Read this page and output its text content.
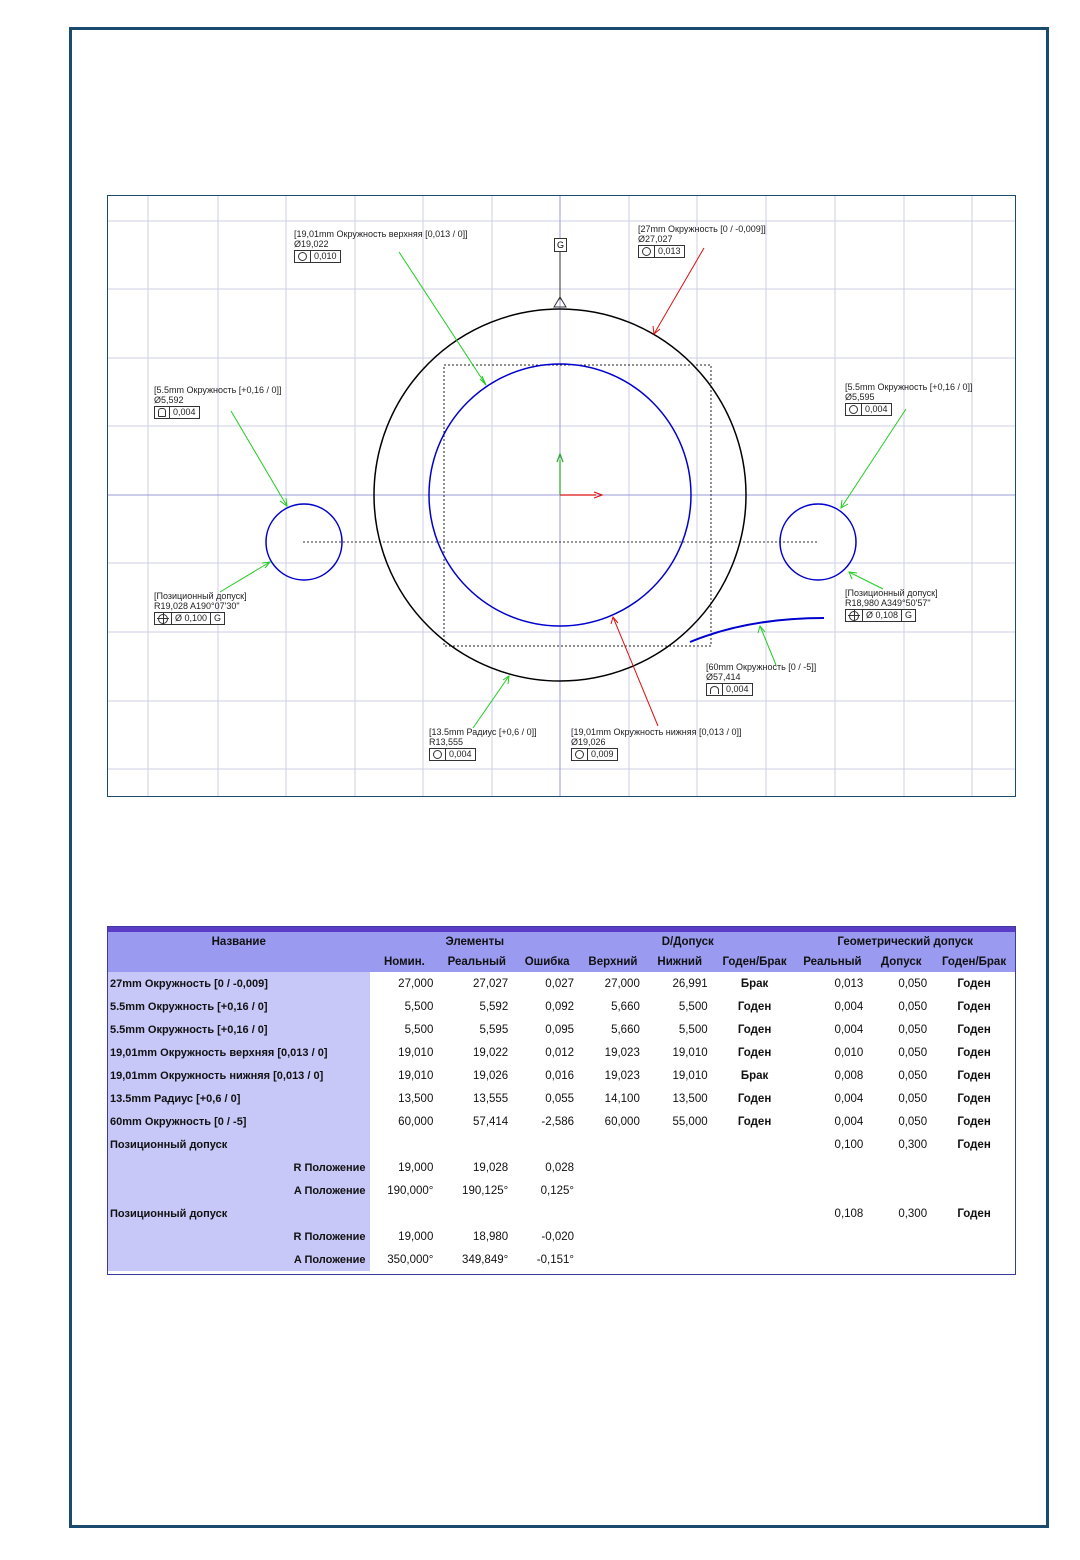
G
[19,01mm Окружность верхняя [0,013 / 0]]
Ø19,022
0,010
[27mm Окружность [0 / -0,009]]
Ø27,027
0,013
[5.5mm Окружность [+0,16 / 0]]
Ø5,592
0,004
[5.5mm Окружность [+0,16 / 0]]
Ø5,595
0,004
[Позиционный допуск]
R19,028 A190°07'30"
Ø 0,100 G
[Позиционный допуск]
R18,980 A349°50'57"
Ø 0,108 G
[60mm Окружность [0 / -5]]
Ø57,414
0,004
[13.5mm Радиус [+0,6 / 0]]
R13,555
0,004
[19,01mm Окружность нижняя [0,013 / 0]]
Ø19,026
0,009

Название	Элементы			D/Допуск			Геометрический допуск		
	Номин.	Реальный	Ошибка	Верхний	Нижний	Годен/Брак	Реальный	Допуск	Годен/Брак
27mm Окружность [0 / -0,009]	27,000	27,027	0,027	27,000	26,991	Брак	0,013	0,050	Годен
5.5mm Окружность [+0,16 / 0]	5,500	5,592	0,092	5,660	5,500	Годен	0,004	0,050	Годен
5.5mm Окружность [+0,16 / 0]	5,500	5,595	0,095	5,660	5,500	Годен	0,004	0,050	Годен
19,01mm Окружность верхняя [0,013 / 0]	19,010	19,022	0,012	19,023	19,010	Годен	0,010	0,050	Годен
19,01mm Окружность нижняя [0,013 / 0]	19,010	19,026	0,016	19,023	19,010	Брак	0,008	0,050	Годен
13.5mm Радиус [+0,6 / 0]	13,500	13,555	0,055	14,100	13,500	Годен	0,004	0,050	Годен
60mm Окружность [0 / -5]	60,000	57,414	-2,586	60,000	55,000	Годен	0,004	0,050	Годен
Позиционный допуск							0,100	0,300	Годен
R Положение	19,000	19,028	0,028						
A Положение	190,000°	190,125°	0,125°						
Позиционный допуск							0,108	0,300	Годен
R Положение	19,000	18,980	-0,020						
A Положение	350,000°	349,849°	-0,151°						
